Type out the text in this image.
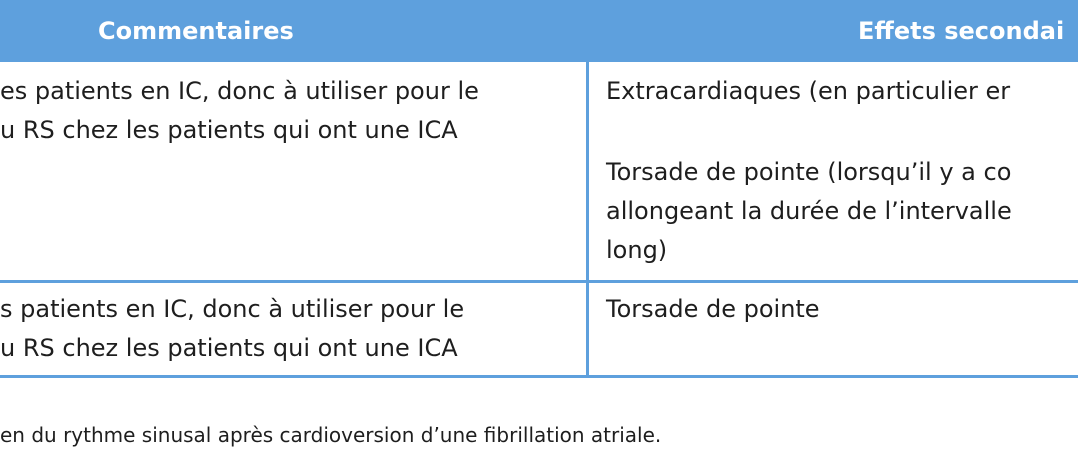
Commentaires	Effets secondai
es patients en IC, donc à utiliser pour le
u RS chez les patients qui ont une ICA
Extracardiaques (en particulier er
Torsade de pointe (lorsqu’il y a co
allongeant la durée de l’intervalle
long)
s patients en IC, donc à utiliser pour le
u RS chez les patients qui ont une ICA
Torsade de pointe
en du rythme sinusal après cardioversion d’une fibrillation atriale.
